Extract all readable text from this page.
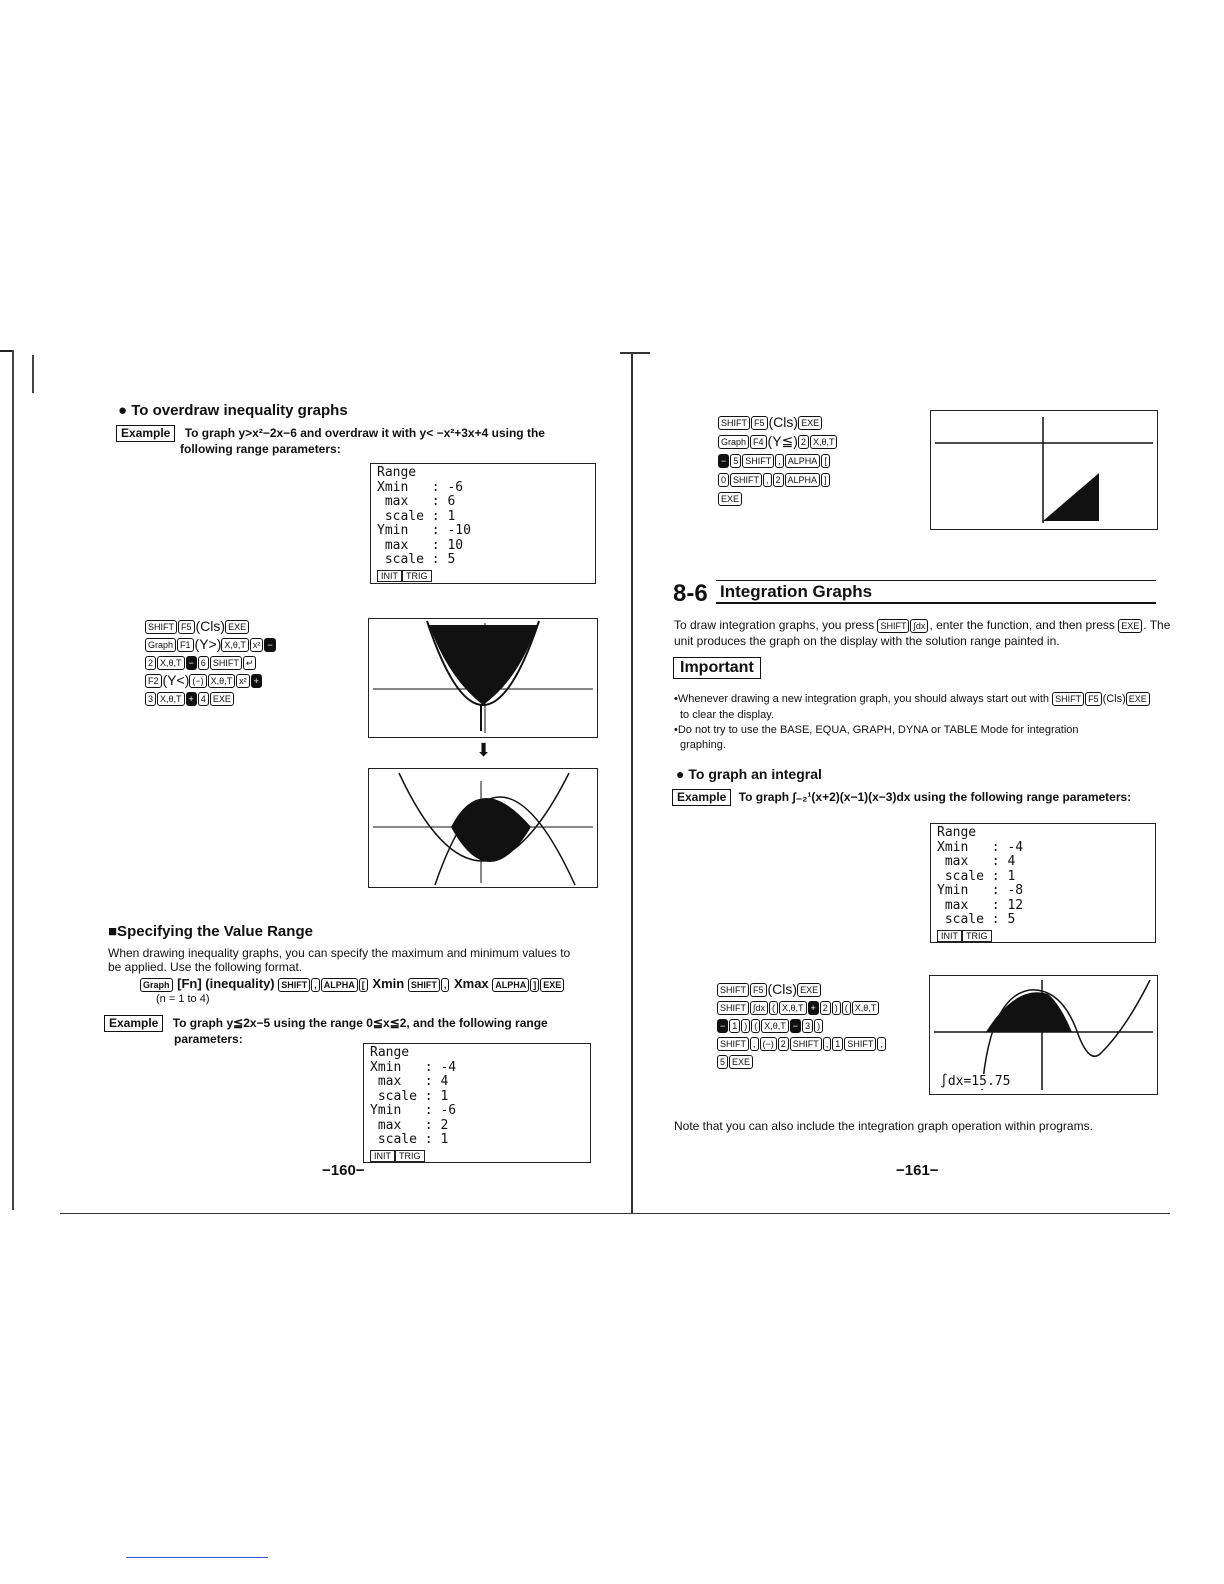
● To overdraw inequality graphs
Example To graph y>x²−2x−6 and overdraw it with y< −x²+3x+4 using the
following range parameters:
Range
Xmin   : -6
max   : 6
scale : 1
Ymin   : -10
max   : 10
scale : 5
INIT TRIG
SHIFT F5 (Cls) EXE
Graph F1 (Y>) X,θ,T x² −
2 X,θ,T − 6 SHIFT ↵
F2 (Y<) (−) X,θ,T x² +
3 X,θ,T + 4 EXE
⬇
■Specifying the Value Range
When drawing inequality graphs, you can specify the maximum and minimum values to
be applied. Use the following format.
Graph [Fn] (inequality) SHIFT , ALPHA [ Xmin SHIFT , Xmax ALPHA ] EXE
(n = 1 to 4)
Example To graph y≦2x−5 using the range 0≦x≦2, and the following range
parameters:
Range
Xmin   : -4
max   : 4
scale : 1
Ymin   : -6
max   : 2
scale : 1
INIT TRIG
−160−
SHIFT F5 (Cls) EXE
Graph F4 (Y≦) 2 X,θ,T
− 5 SHIFT , ALPHA [
0 SHIFT , 2 ALPHA ]
EXE
8-6 Integration Graphs
To draw integration graphs, you press SHIFT ∫dx , enter the function, and then press EXE . The
unit produces the graph on the display with the solution range painted in.
Important
•Whenever drawing a new integration graph, you should always start out with SHIFT F5 (Cls) EXE
to clear the display.
•Do not try to use the BASE, EQUA, GRAPH, DYNA or TABLE Mode for integration
graphing.
● To graph an integral
Example To graph ∫₋₂¹(x+2)(x−1)(x−3)dx using the following range parameters:
Range
Xmin   : -4
max   : 4
scale : 1
Ymin   : -8
max   : 12
scale : 5
INIT TRIG
SHIFT F5 (Cls) EXE
SHIFT ∫dx ( X,θ,T + 2 ) ( X,θ,T
− 1 ) ( X,θ,T − 3 )
SHIFT , (−) 2 SHIFT , 1 SHIFT ,
5 EXE
∫dx=15.75
Note that you can also include the integration graph operation within programs.
−161−
